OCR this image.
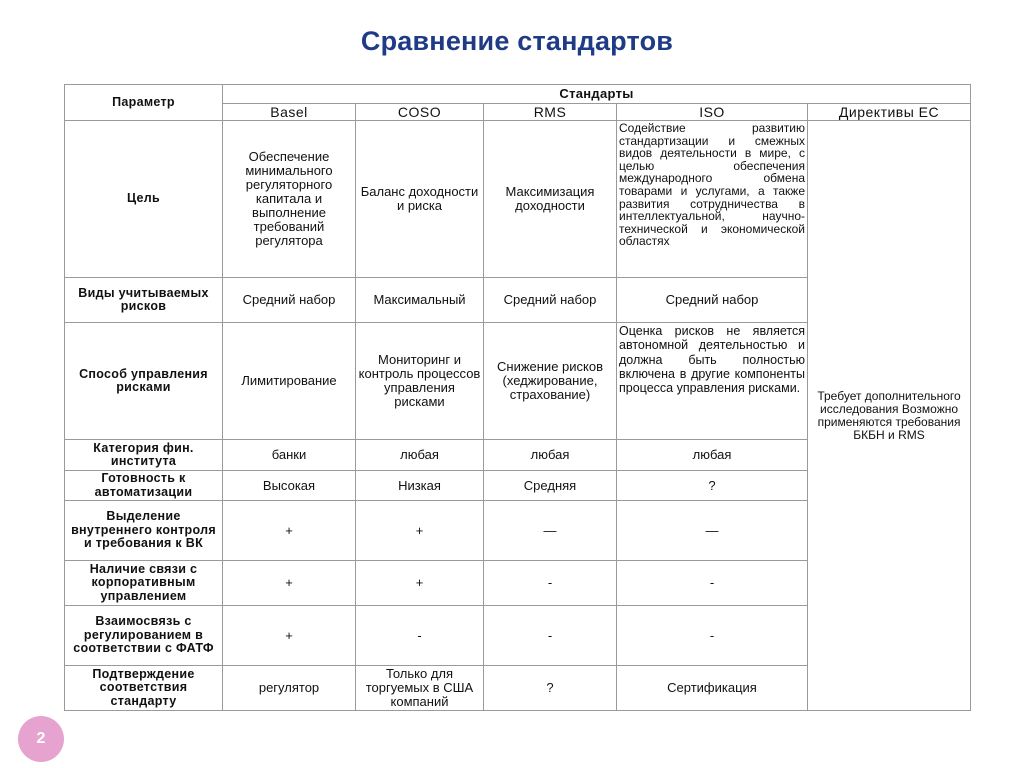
Сравнение стандартов
Параметр	Стандарты				
	Basel	COSO	RMS	ISO	Директивы ЕС
Цель	Обеспечение минимального регуляторного капитала и выполнение требований регулятора	Баланс доходности и риска	Максимизация доходности	Содействие развитию стандартизации и смежных видов деятельности в мире, с целью обеспечения международного обмена товарами и услугами, а также развития сотрудничества в интеллектуальной, научно-технической и экономической областях	Требует дополнительного исследования Возможно применяются требования БКБН и RMS
Виды учитываемых рисков	Средний набор	Максимальный	Средний набор	Средний набор	
Способ управления рисками	Лимитирование	Мониторинг и контроль процессов управления рисками	Снижение рисков (хеджирование, страхование)	Оценка рисков не является автономной деятельностью и должна быть полностью включена в другие компоненты процесса управления рисками.	
Категория фин. института	банки	любая	любая	любая	
Готовность к автоматизации	Высокая	Низкая	Средняя	?	
Выделение внутреннего контроля и требования к ВК	+	+	—	—	
Наличие связи с корпоративным управлением	+	+	-	-	
Взаимосвязь с регулированием в соответствии с ФАТФ	+	-	-	-	
Подтверждение соответствия стандарту	регулятор	Только для торгуемых в США компаний	?	Сертификация	
2
